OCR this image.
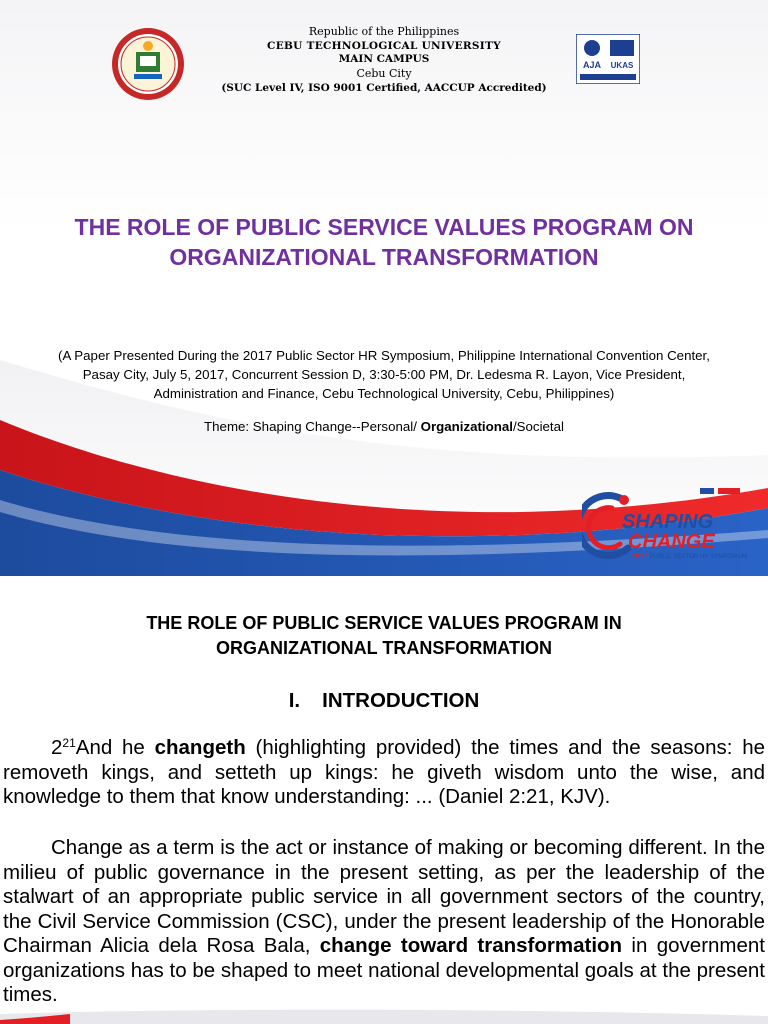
AJA UKAS
Republic of the Philippines
CEBU TECHNOLOGICAL UNIVERSITY
MAIN CAMPUS
Cebu City
(SUC Level IV, ISO 9001 Certified, AACCUP Accredited)
THE ROLE OF PUBLIC SERVICE VALUES PROGRAM ON
ORGANIZATIONAL TRANSFORMATION
(A Paper Presented During the 2017 Public Sector HR Symposium, Philippine International Convention Center,
Pasay City, July 5, 2017, Concurrent Session D, 3:30-5:00 PM, Dr. Ledesma R. Layon, Vice President,
Administration and Finance, Cebu Technological University, Cebu, Philippines)
Theme: Shaping Change--Personal/ Organizational/Societal
SHAPING
CHANGE
2017 PUBLIC SECTOR HR SYMPOSIUM
THE ROLE OF PUBLIC SERVICE VALUES PROGRAM IN
ORGANIZATIONAL TRANSFORMATION
I. INTRODUCTION
$2^{21}And$ he changeth (highlighting provided) the times and the seasons: he removeth kings, and setteth up kings: he giveth wisdom unto the wise, and knowledge to them that know understanding: ... (Daniel 2:21, KJV).
Change as a term is the act or instance of making or becoming different. In the milieu of public governance in the present setting, as per the leadership of the stalwart of an appropriate public service in all government sectors of the country, the Civil Service Commission (CSC), under the present leadership of the Honorable Chairman Alicia dela Rosa Bala, change toward transformation in government organizations has to be shaped to meet national developmental goals at the present times.
